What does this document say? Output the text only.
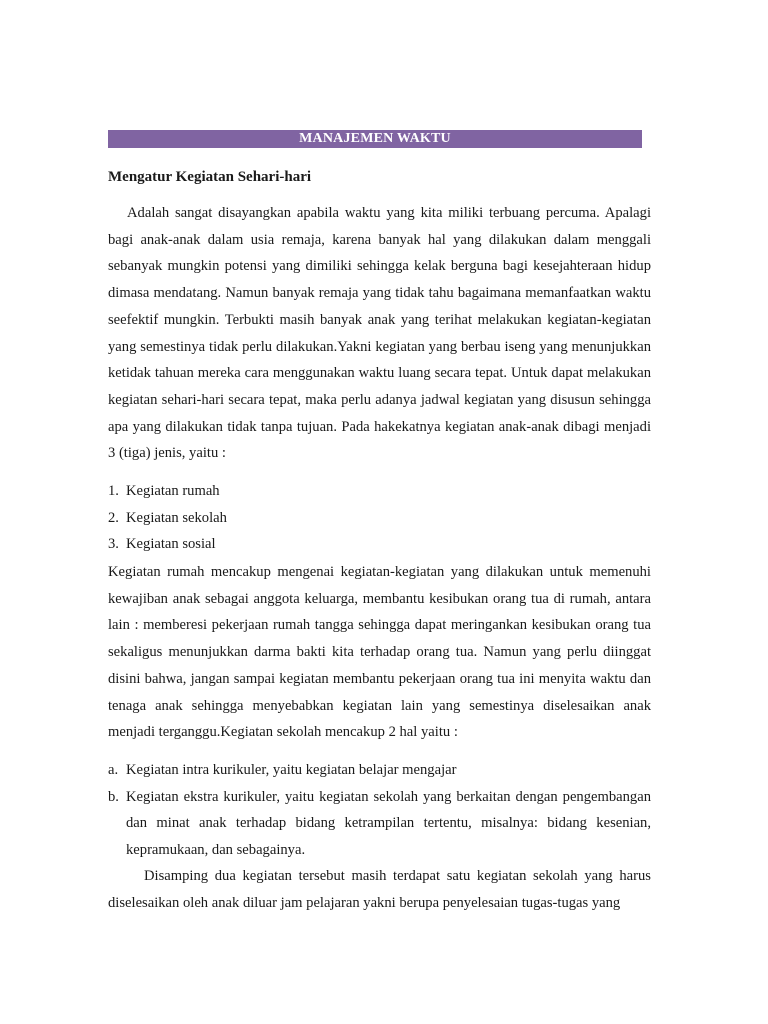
MANAJEMEN WAKTU
Mengatur Kegiatan Sehari-hari

Adalah sangat disayangkan apabila waktu yang kita miliki terbuang percuma. Apalagi bagi anak-anak dalam usia remaja, karena banyak hal yang dilakukan dalam menggali sebanyak mungkin potensi yang dimiliki sehingga kelak berguna bagi kesejahteraan hidup dimasa mendatang. Namun banyak remaja yang tidak tahu bagaimana memanfaatkan waktu seefektif mungkin. Terbukti masih banyak anak yang terihat melakukan kegiatan-kegiatan yang semestinya tidak perlu dilakukan.Yakni kegiatan yang berbau iseng yang menunjukkan ketidak tahuan mereka cara menggunakan waktu luang secara tepat. Untuk dapat melakukan kegiatan sehari-hari secara tepat, maka perlu adanya jadwal kegiatan yang disusun sehingga apa yang dilakukan tidak tanpa tujuan. Pada hakekatnya kegiatan anak-anak dibagi menjadi 3 (tiga) jenis, yaitu :

1. Kegiatan rumah
2. Kegiatan sekolah
3. Kegiatan sosial

Kegiatan rumah mencakup mengenai kegiatan-kegiatan yang dilakukan untuk memenuhi kewajiban anak sebagai anggota keluarga, membantu kesibukan orang tua di rumah, antara lain : memberesi pekerjaan rumah tangga sehingga dapat meringankan kesibukan orang tua sekaligus menunjukkan darma bakti kita terhadap orang tua. Namun yang perlu diinggat disini bahwa, jangan sampai kegiatan membantu pekerjaan orang tua ini menyita waktu dan tenaga anak sehingga menyebabkan kegiatan lain yang semestinya diselesaikan anak menjadi terganggu.Kegiatan sekolah mencakup 2 hal yaitu :

a. Kegiatan intra kurikuler, yaitu kegiatan belajar mengajar
b. Kegiatan ekstra kurikuler, yaitu kegiatan sekolah yang berkaitan dengan pengembangan dan minat anak terhadap bidang ketrampilan tertentu, misalnya: bidang kesenian, kepramukaan, dan sebagainya.

Disamping dua kegiatan tersebut masih terdapat satu kegiatan sekolah yang harus diselesaikan oleh anak diluar jam pelajaran yakni berupa penyelesaian tugas-tugas yang
